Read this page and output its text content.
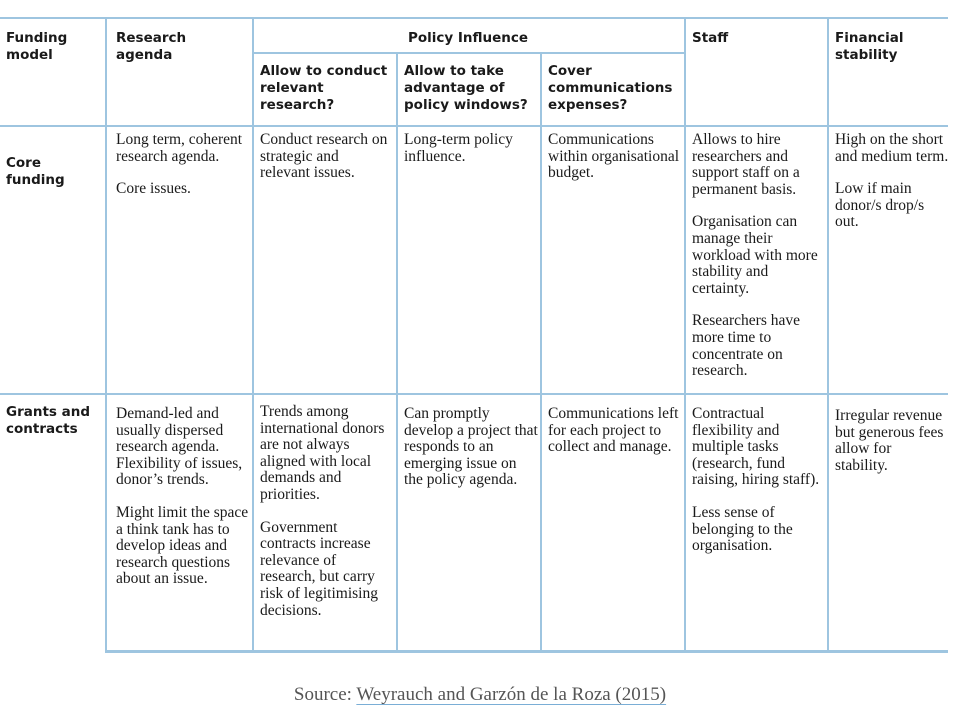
Funding model
Research agenda
Policy Influence
Allow to conduct relevant research?
Allow to take advantage of policy windows?
Cover communications expenses?
Staff	Financial stability
Core funding

Long term, coherent research agenda.

Core issues.

Conduct research on strategic and relevant issues.

Long-term policy influence.

Communications within organisational budget.

Allows to hire researchers and support staff on a permanent basis.

Organisation can manage their workload with more stability and certainty.

Researchers have more time to concentrate on research.

High on the short and medium term.

Low if main donor/s drop/s out.

Grants and contracts

Demand-led and usually dispersed research agenda. Flexibility of issues, donor’s trends.

Might limit the space a think tank has to develop ideas and research questions about an issue.

Trends among international donors are not always aligned with local demands and priorities.

Government contracts increase relevance of research, but carry risk of legitimising decisions.

Can promptly develop a project that responds to an emerging issue on the policy agenda.

Communications left for each project to collect and manage.

Contractual flexibility and multiple tasks (research, fund raising, hiring staff).

Less sense of belonging to the organisation.

Irregular revenue but generous fees allow for stability.

Source: Weyrauch and Garzón de la Roza (2015)
